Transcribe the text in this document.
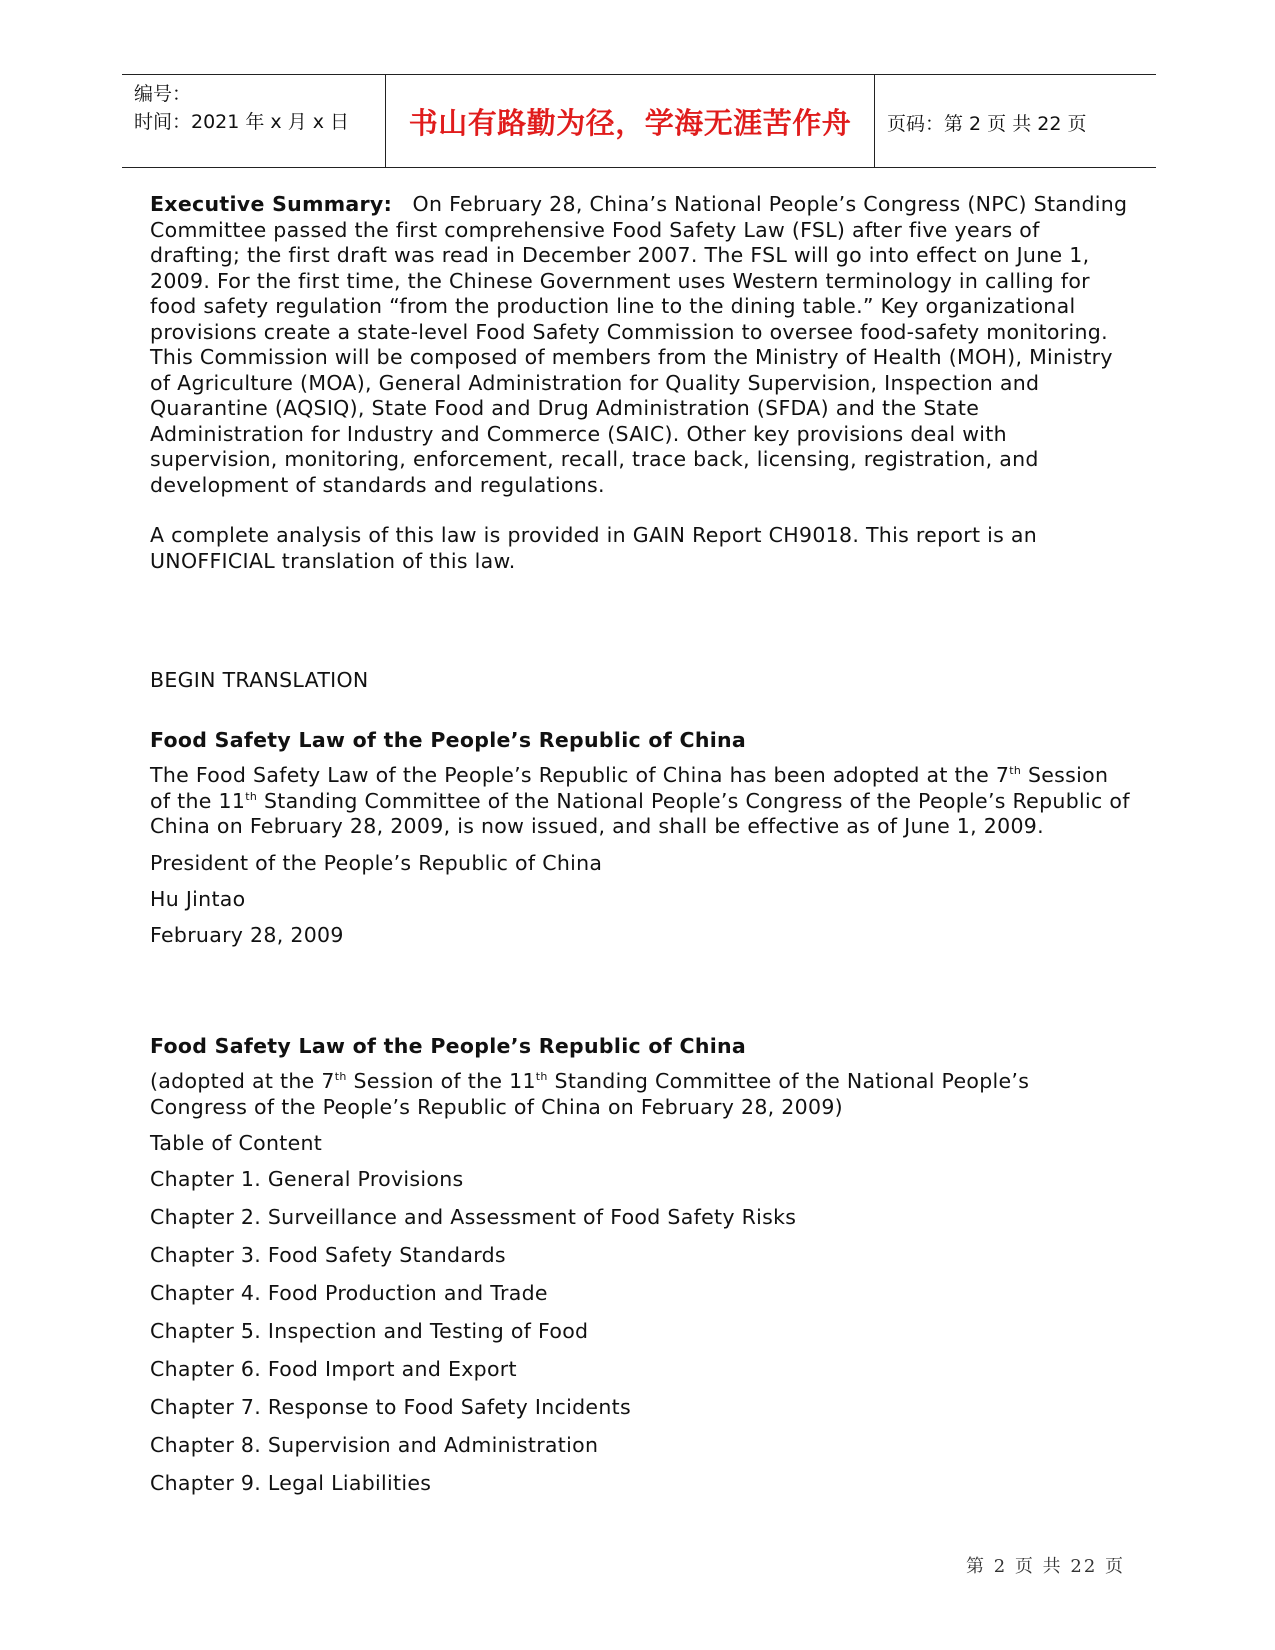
编号：
时间：2021 年 x 月 x 日	书山有路勤为径，学海无涯苦作舟	页码：第 2 页 共 22 页

Executive Summary: On February 28, China’s National People’s Congress (NPC) Standing Committee passed the first comprehensive Food Safety Law (FSL) after five years of drafting; the first draft was read in December 2007. The FSL will go into effect on June 1, 2009. For the first time, the Chinese Government uses Western terminology in calling for food safety regulation “from the production line to the dining table.” Key organizational provisions create a state-level Food Safety Commission to oversee food-safety monitoring. This Commission will be composed of members from the Ministry of Health (MOH), Ministry of Agriculture (MOA), General Administration for Quality Supervision, Inspection and Quarantine (AQSIQ), State Food and Drug Administration (SFDA) and the State Administration for Industry and Commerce (SAIC). Other key provisions deal with supervision, monitoring, enforcement, recall, trace back, licensing, registration, and development of standards and regulations.

A complete analysis of this law is provided in GAIN Report CH9018. This report is an UNOFFICIAL translation of this law.

BEGIN TRANSLATION

Food Safety Law of the People’s Republic of China

The Food Safety Law of the People’s Republic of China has been adopted at the 7th Session of the 11th Standing Committee of the National People’s Congress of the People’s Republic of China on February 28, 2009, is now issued, and shall be effective as of June 1, 2009.

President of the People’s Republic of China
Hu Jintao
February 28, 2009

Food Safety Law of the People’s Republic of China

(adopted at the 7th Session of the 11th Standing Committee of the National People’s Congress of the People’s Republic of China on February 28, 2009)

Table of Content
Chapter 1. General Provisions
Chapter 2. Surveillance and Assessment of Food Safety Risks
Chapter 3. Food Safety Standards
Chapter 4. Food Production and Trade
Chapter 5. Inspection and Testing of Food
Chapter 6. Food Import and Export
Chapter 7. Response to Food Safety Incidents
Chapter 8. Supervision and Administration
Chapter 9. Legal Liabilities
第 2 页 共 22 页
